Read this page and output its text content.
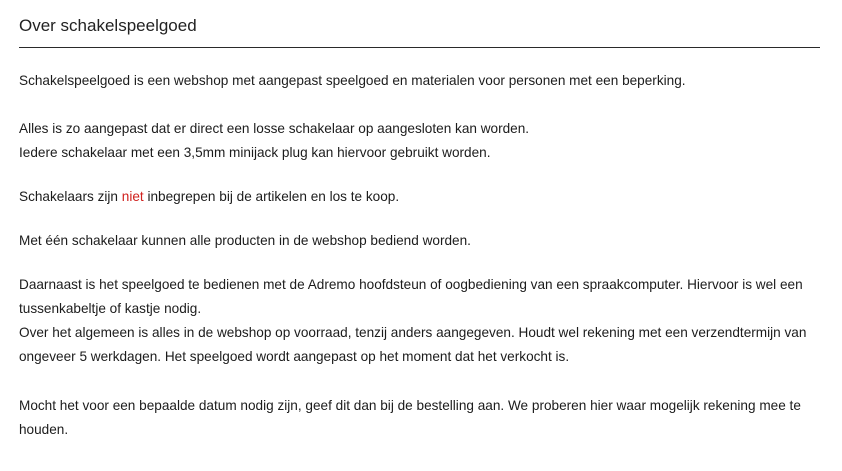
Over schakelspeelgoed

Schakelspeelgoed is een webshop met aangepast speelgoed en materialen voor personen met een beperking.

Alles is zo aangepast dat er direct een losse schakelaar op aangesloten kan worden.
Iedere schakelaar met een 3,5mm minijack plug kan hiervoor gebruikt worden.

Schakelaars zijn niet inbegrepen bij de artikelen en los te koop.

Met één schakelaar kunnen alle producten in de webshop bediend worden.

Daarnaast is het speelgoed te bedienen met de Adremo hoofdsteun of oogbediening van een spraakcomputer. Hiervoor is wel een
tussenkabeltje of kastje nodig.
Over het algemeen is alles in de webshop op voorraad, tenzij anders aangegeven. Houdt wel rekening met een verzendtermijn van
ongeveer 5 werkdagen. Het speelgoed wordt aangepast op het moment dat het verkocht is.

Mocht het voor een bepaalde datum nodig zijn, geef dit dan bij de bestelling aan. We proberen hier waar mogelijk rekening mee te
houden.
